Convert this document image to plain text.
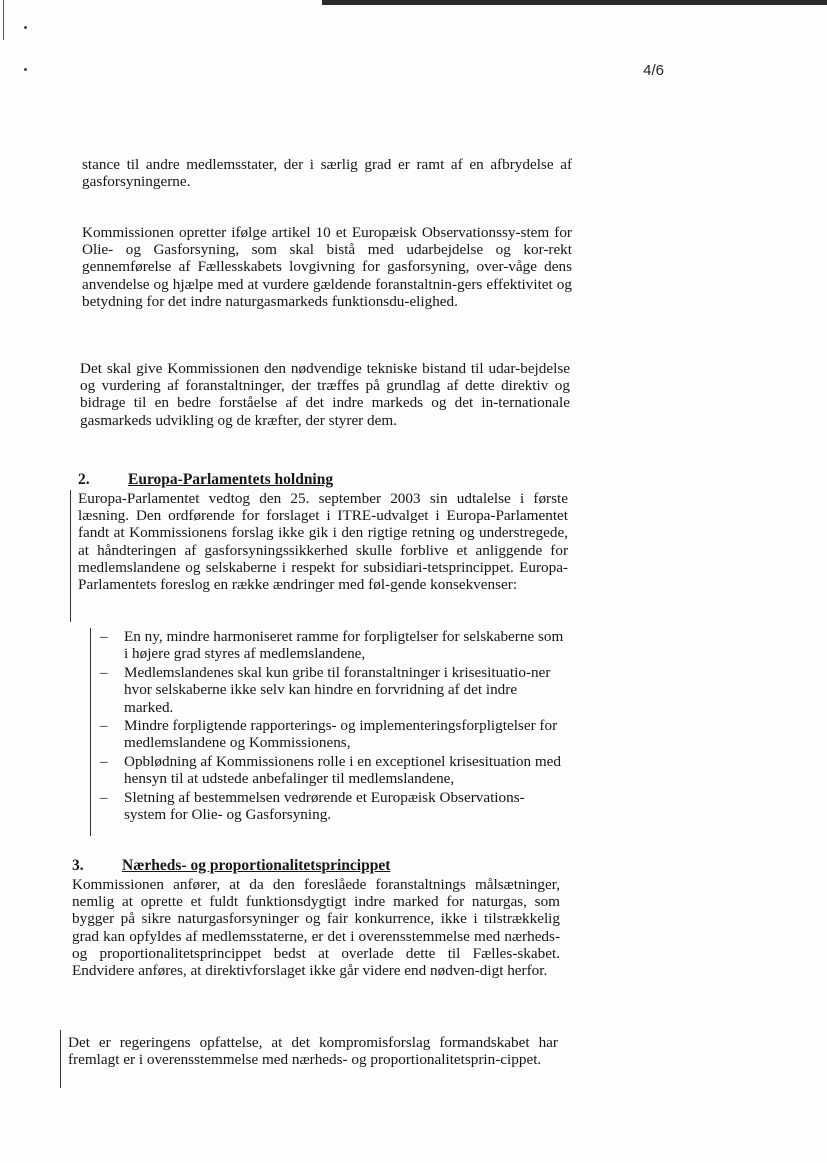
4/6

stance til andre medlemsstater, der i særlig grad er ramt af en afbrydelse af gasforsyningerne.

Kommissionen opretter ifølge artikel 10 et Europæisk Observationssy-stem for Olie- og Gasforsyning, som skal bistå med udarbejdelse og kor-rekt gennemførelse af Fællesskabets lovgivning for gasforsyning, over-våge dens anvendelse og hjælpe med at vurdere gældende foranstaltnin-gers effektivitet og betydning for det indre naturgasmarkeds funktionsdu-elighed.

Det skal give Kommissionen den nødvendige tekniske bistand til udar-bejdelse og vurdering af foranstaltninger, der træffes på grundlag af dette direktiv og bidrage til en bedre forståelse af det indre markeds og det in-ternationale gasmarkeds udvikling og de kræfter, der styrer dem.

2. Europa-Parlamentets holdning

Europa-Parlamentet vedtog den 25. september 2003 sin udtalelse i første læsning. Den ordførende for forslaget i ITRE-udvalget i Europa-Parlamentet fandt at Kommissionens forslag ikke gik i den rigtige retning og understregede, at håndteringen af gasforsyningssikkerhed skulle forblive et anliggende for medlemslandene og selskaberne i respekt for subsidiari-tetsprincippet. Europa-Parlamentets foreslog en række ændringer med føl-gende konsekvenser:

– En ny, mindre harmoniseret ramme for forpligtelser for selskaberne som i højere grad styres af medlemslandene,
– Medlemslandenes skal kun gribe til foranstaltninger i krisesituatio-ner hvor selskaberne ikke selv kan hindre en forvridning af det indre marked.
– Mindre forpligtende rapporterings- og implementeringsforpligtelser for medlemslandene og Kommissionens,
– Opblødning af Kommissionens rolle i en exceptionel krisesituation med hensyn til at udstede anbefalinger til medlemslandene,
– Sletning af bestemmelsen vedrørende et Europæisk Observations-system for Olie- og Gasforsyning.
3. Nærheds- og proportionalitetsprincippet

Kommissionen anfører, at da den foreslåede foranstaltnings målsætninger, nemlig at oprette et fuldt funktionsdygtigt indre marked for naturgas, som bygger på sikre naturgasforsyninger og fair konkurrence, ikke i tilstrækkelig grad kan opfyldes af medlemsstaterne, er det i overensstemmelse med nærheds- og proportionalitetsprincippet bedst at overlade dette til Fælles-skabet. Endvidere anføres, at direktivforslaget ikke går videre end nødven-digt herfor.

Det er regeringens opfattelse, at det kompromisforslag formandskabet har fremlagt er i overensstemmelse med nærheds- og proportionalitetsprin-cippet.
